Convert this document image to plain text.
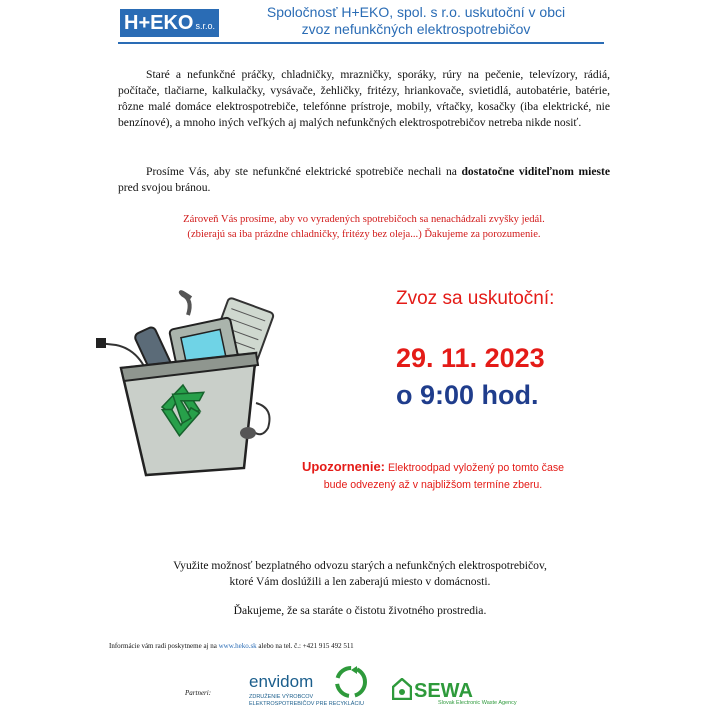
H+EKO s.r.o.
Spoločnosť H+EKO, spol. s r.o. uskutoční v obci
zvoz nefunkčných elektrospotrebičov
Staré a nefunkčné práčky, chladničky, mrazničky, sporáky, rúry na pečenie, televízory, rádiá, počítače, tlačiarne, kalkulačky, vysávače, žehličky, fritézy, hriankovače, svietidlá, autobatérie, batérie, rôzne malé domáce elektrospotrebiče, telefónne prístroje, mobily, vŕtačky, kosačky (iba elektrické, nie benzínové), a mnoho iných veľkých aj malých nefunkčných elektrospotrebičov netreba nikde nosiť.
Prosíme Vás, aby ste nefunkčné elektrické spotrebiče nechali na dostatočne viditeľnom mieste pred svojou bránou.
Zároveň Vás prosíme, aby vo vyradených spotrebičoch sa nenachádzali zvyšky jedál.
(zbierajú sa iba prázdne chladničky, fritézy bez oleja...) Ďakujeme za porozumenie.
Zvoz sa uskutoční:
29. 11. 2023
o 9:00 hod.
Upozornenie: Elektroodpad vyložený po tomto čase
bude odvezený až v najbližšom termíne zberu.
Využite možnosť bezplatného odvozu starých a nefunkčných elektrospotrebičov,
ktoré Vám doslúžili a len zaberajú miesto v domácnosti.
Ďakujeme, že sa staráte o čistotu životného prostredia.
Informácie vám radi poskytneme aj na www.heko.sk alebo na tel. č.: +421 915 492 511
Partneri:
envidom
ZDRUŽENIE VÝROBCOV
ELEKTROSPOTREBIČOV PRE RECYKLÁCIU
SEWA
Slovak Electronic Waste Agency
